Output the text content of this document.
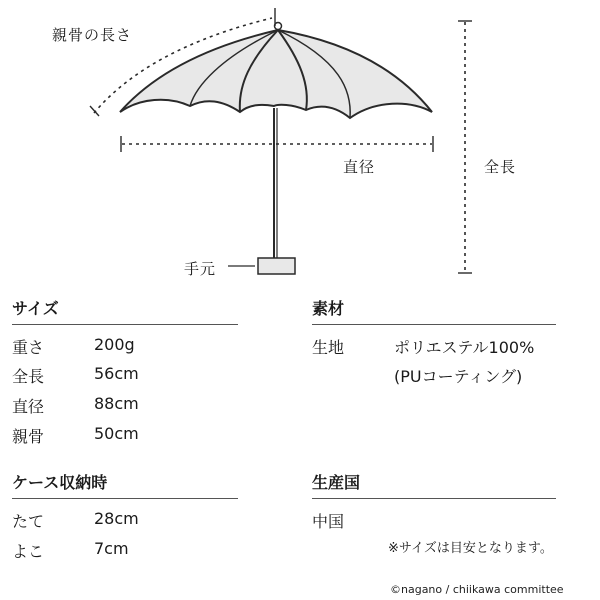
親骨の長さ
直径	全長
手元
サイズ
重さ	200g
全長	56cm
直径	88cm
親骨	50cm
素材
生地	ポリエステル100%
(PUコーティング)
ケース収納時
たて	28cm
よこ	7cm
生産国
中国
※サイズは目安となります。
©nagano / chiikawa committee
